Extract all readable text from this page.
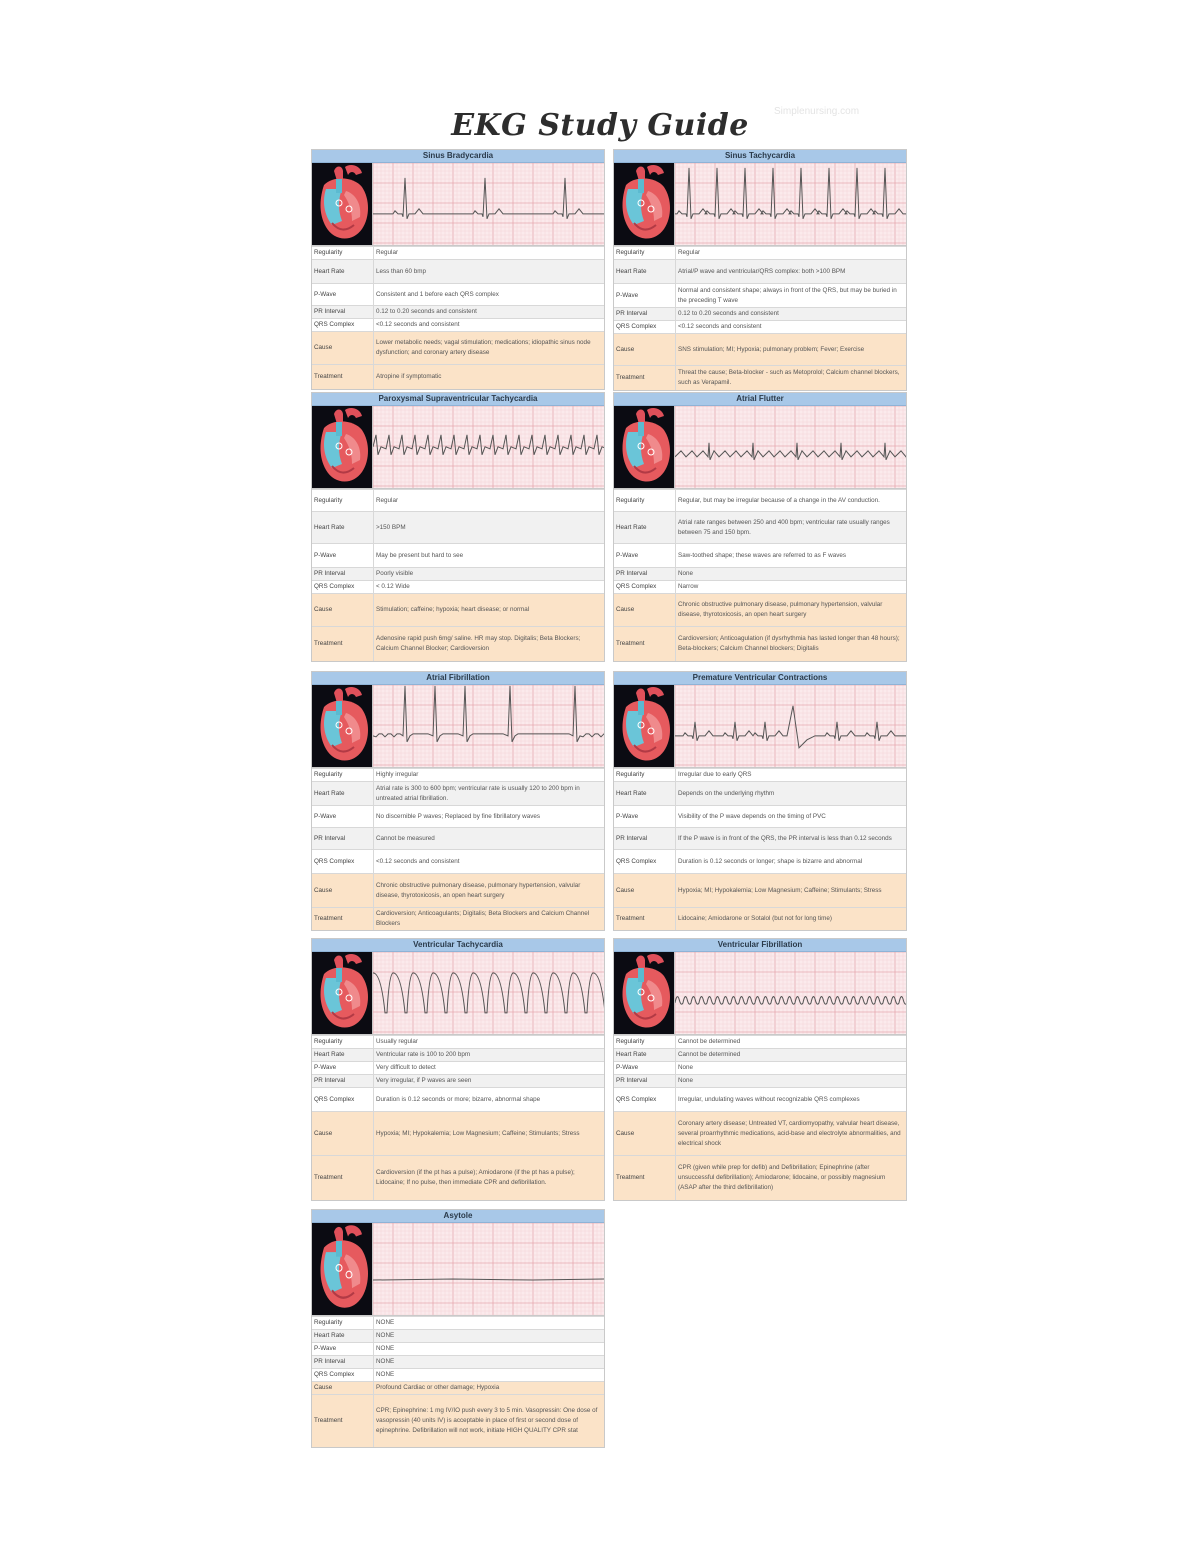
EKG Study Guide	Simplenursing.com
Sinus Bradycardia
Regularity	Regular
Heart Rate	Less than 60 bmp
P-Wave	Consistent and 1 before each QRS complex
PR Interval	0.12 to 0.20 seconds and consistent
QRS Complex	<0.12 seconds and consistent
Cause	Lower metabolic needs; vagal stimulation; medications; idiopathic sinus node dysfunction; and coronary artery disease
Treatment	Atropine if symptomatic
Sinus Tachycardia
Regularity	Regular
Heart Rate	Atrial/P wave and ventricular/QRS complex: both >100 BPM
P-Wave	Normal and consistent shape; always in front of the QRS, but may be buried in the preceding T wave
PR Interval	0.12 to 0.20 seconds and consistent
QRS Complex	<0.12 seconds and consistent
Cause	SNS stimulation; MI; Hypoxia; pulmonary problem; Fever; Exercise
Treatment	Threat the cause; Beta-blocker - such as Metoprolol; Calcium channel blockers, such as Verapamil.
Paroxysmal Supraventricular Tachycardia
Regularity	Regular
Heart Rate	>150 BPM
P-Wave	May be present but hard to see
PR Interval	Poorly visible
QRS Complex	< 0.12 Wide
Cause	Stimulation; caffeine; hypoxia; heart disease; or normal
Treatment	Adenosine rapid push 6mg/ saline. HR may stop. Digitalis; Beta Blockers; Calcium Channel Blocker; Cardioversion
Atrial Flutter
Regularity	Regular, but may be irregular because of a change in the AV conduction.
Heart Rate	Atrial rate ranges between 250 and 400 bpm; ventricular rate usually ranges between 75 and 150 bpm.
P-Wave	Saw-toothed shape; these waves are referred to as F waves
PR Interval	None
QRS Complex	Narrow
Cause	Chronic obstructive pulmonary disease, pulmonary hypertension, valvular disease, thyrotoxicosis, an open heart surgery
Treatment	Cardioversion; Anticoagulation (if dysrhythmia has lasted longer than 48 hours); Beta-blockers; Calcium Channel blockers; Digitalis
Atrial Fibrillation
Regularity	Highly irregular
Heart Rate	Atrial rate is 300 to 600 bpm; ventricular rate is usually 120 to 200 bpm in untreated atrial fibrillation.
P-Wave	No discernible P waves; Replaced by fine fibrillatory waves
PR Interval	Cannot be measured
QRS Complex	<0.12 seconds and consistent
Cause	Chronic obstructive pulmonary disease, pulmonary hypertension, valvular disease, thyrotoxicosis, an open heart surgery
Treatment	Cardioversion; Anticoagulants; Digitalis; Beta Blockers and Calcium Channel Blockers
Premature Ventricular Contractions
Regularity	Irregular due to early QRS
Heart Rate	Depends on the underlying rhythm
P-Wave	Visibility of the P wave depends on the timing of PVC
PR Interval	If the P wave is in front of the QRS, the PR interval is less than 0.12 seconds
QRS Complex	Duration is 0.12 seconds or longer; shape is bizarre and abnormal
Cause	Hypoxia; MI; Hypokalemia; Low Magnesium; Caffeine; Stimulants; Stress
Treatment	Lidocaine; Amiodarone or Sotalol (but not for long time)
Ventricular Tachycardia
Regularity	Usually regular
Heart Rate	Ventricular rate is 100 to 200 bpm
P-Wave	Very difficult to detect
PR Interval	Very irregular, if P waves are seen
QRS Complex	Duration is 0.12 seconds or more; bizarre, abnormal shape
Cause	Hypoxia; MI; Hypokalemia; Low Magnesium; Caffeine; Stimulants; Stress
Treatment	Cardioversion (if the pt has a pulse); Amiodarone (if the pt has a pulse); Lidocaine; If no pulse, then immediate CPR and defibrillation.
Ventricular Fibrillation
Regularity	Cannot be determined
Heart Rate	Cannot be determined
P-Wave	None
PR Interval	None
QRS Complex	Irregular, undulating waves without recognizable QRS complexes
Cause	Coronary artery disease; Untreated VT, cardiomyopathy, valvular heart disease, several proarrhythmic medications, acid-base and electrolyte abnormalities, and electrical shock
Treatment	CPR (given while prep for defib) and Defibrillation; Epinephrine (after unsuccessful defibrillation); Amiodarone; lidocaine, or possibly magnesium (ASAP after the third defibrillation)
Asytole
Regularity	NONE
Heart Rate	NONE
P-Wave	NONE
PR Interval	NONE
QRS Complex	NONE
Cause	Profound Cardiac or other damage; Hypoxia
Treatment	CPR; Epinephrine: 1 mg IV/IO push every 3 to 5 min. Vasopressin: One dose of vasopressin (40 units IV) is acceptable in place of first or second dose of epinephrine. Defibrillation will not work, initiate HIGH QUALITY CPR stat
